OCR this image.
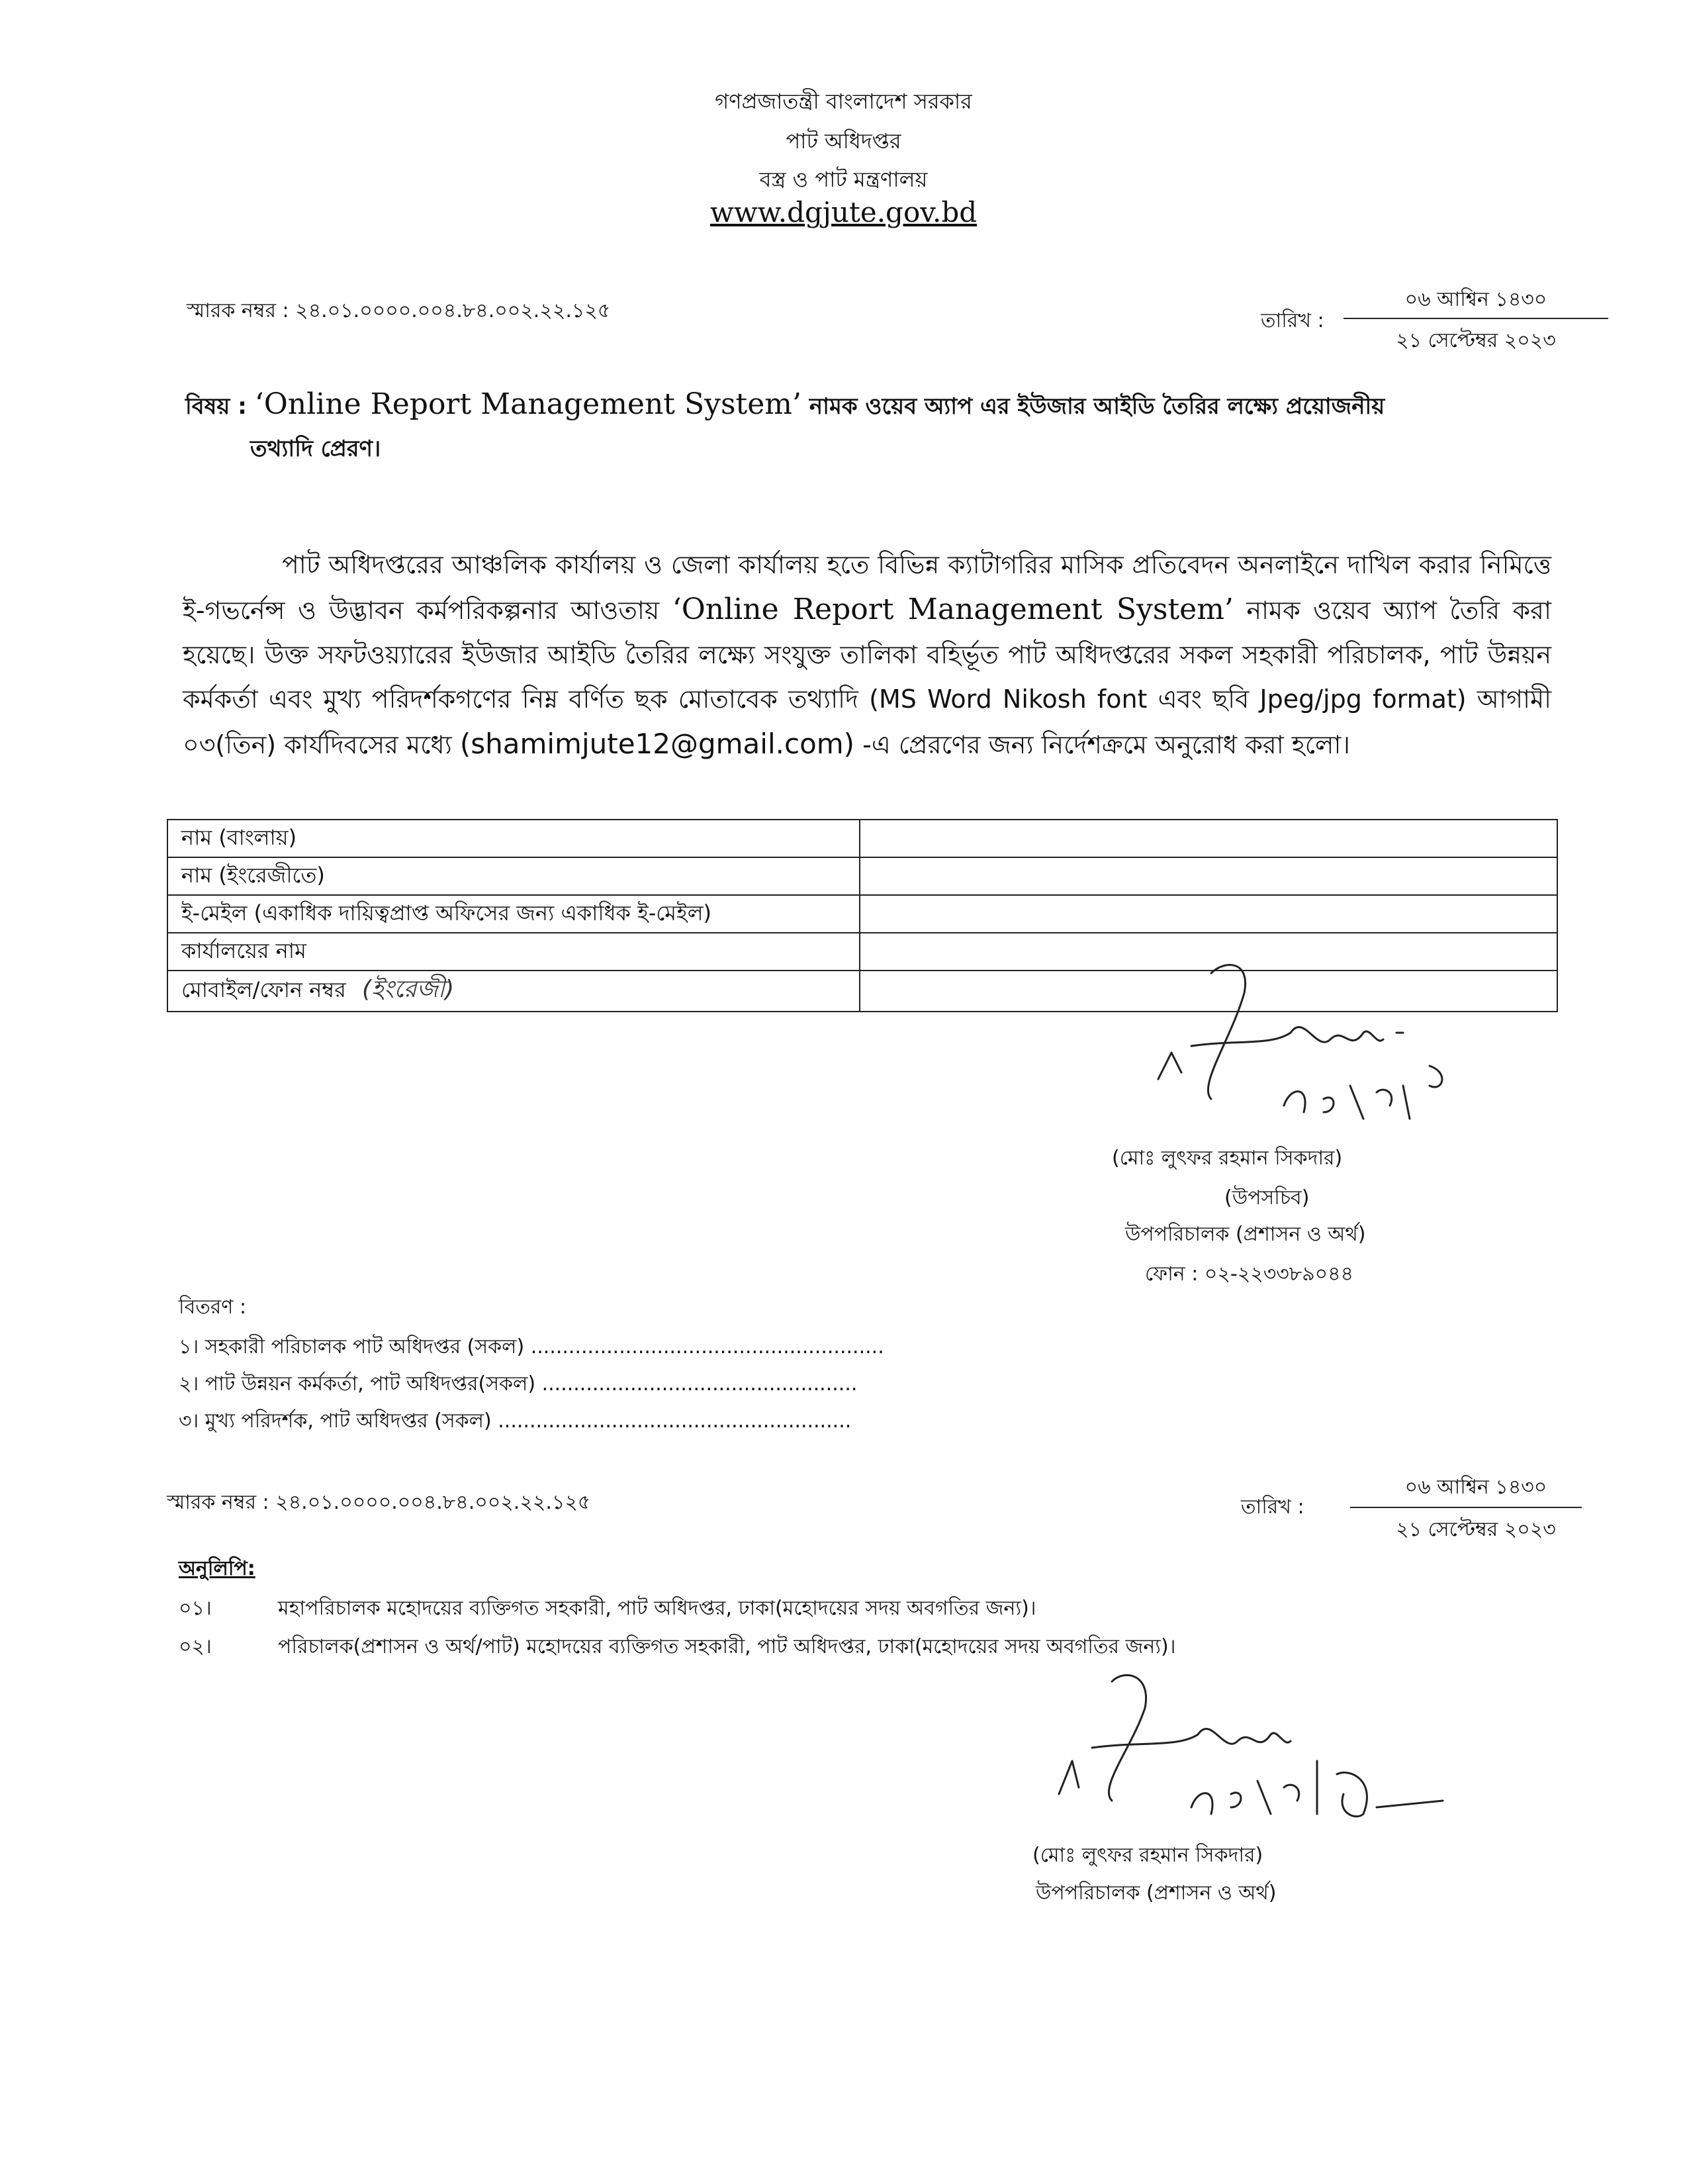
গণপ্রজাতন্ত্রী বাংলাদেশ সরকার
পাট অধিদপ্তর
বস্ত্র ও পাট মন্ত্রণালয়
www.dgjute.gov.bd
স্মারক নম্বর : ২৪.০১.০০০০.০০৪.৮৪.০০২.২২.১২৫	তারিখ :
০৬ আশ্বিন ১৪৩০
২১ সেপ্টেম্বর ২০২৩
বিষয় : ‘Online Report Management System’ নামক ওয়েব অ্যাপ এর ইউজার আইডি তৈরির লক্ষ্যে প্রয়োজনীয়
তথ্যাদি প্রেরণ।
পাট অধিদপ্তরের আঞ্চলিক কার্যালয় ও জেলা কার্যালয় হতে বিভিন্ন ক্যাটাগরির মাসিক প্রতিবেদন অনলাইনে দাখিল করার নিমিত্তে ই-গভর্নেন্স ও উদ্ভাবন কর্মপরিকল্পনার আওতায় ‘Online Report Management System’ নামক ওয়েব অ্যাপ তৈরি করা হয়েছে। উক্ত সফটওয়্যারের ইউজার আইডি তৈরির লক্ষ্যে সংযুক্ত তালিকা বহির্ভূত পাট অধিদপ্তরের সকল সহকারী পরিচালক, পাট উন্নয়ন কর্মকর্তা এবং মুখ্য পরিদর্শকগণের নিম্ন বর্ণিত ছক মোতাবেক তথ্যাদি (MS Word Nikosh font এবং ছবি Jpeg/jpg format) আগামী ০৩(তিন) কার্যদিবসের মধ্যে (shamimjute12@gmail.com) -এ প্রেরণের জন্য নির্দেশক্রমে অনুরোধ করা হলো।
নাম (বাংলায়)	
নাম (ইংরেজীতে)	
ই-মেইল (একাধিক দায়িত্বপ্রাপ্ত অফিসের জন্য একাধিক ই-মেইল)	
কার্যালয়ের নাম	
মোবাইল/ফোন নম্বর (ইংরেজী)	
(মোঃ লুৎফর রহমান সিকদার)
(উপসচিব)
উপপরিচালক (প্রশাসন ও অর্থ)
ফোন : ০২-২২৩৩৮৯০৪৪
বিতরণ :
১। সহকারী পরিচালক পাট অধিদপ্তর (সকল) ........................................................
২। পাট উন্নয়ন কর্মকর্তা, পাট অধিদপ্তর(সকল) ..................................................
৩। মুখ্য পরিদর্শক, পাট অধিদপ্তর (সকল) ........................................................
স্মারক নম্বর : ২৪.০১.০০০০.০০৪.৮৪.০০২.২২.১২৫	তারিখ :
০৬ আশ্বিন ১৪৩০
২১ সেপ্টেম্বর ২০২৩
অনুলিপি:
০১।	মহাপরিচালক মহোদয়ের ব্যক্তিগত সহকারী, পাট অধিদপ্তর, ঢাকা(মহোদয়ের সদয় অবগতির জন্য)।
০২।	পরিচালক(প্রশাসন ও অর্থ/পাট) মহোদয়ের ব্যক্তিগত সহকারী, পাট অধিদপ্তর, ঢাকা(মহোদয়ের সদয় অবগতির জন্য)।
(মোঃ লুৎফর রহমান সিকদার)
উপপরিচালক (প্রশাসন ও অর্থ)
